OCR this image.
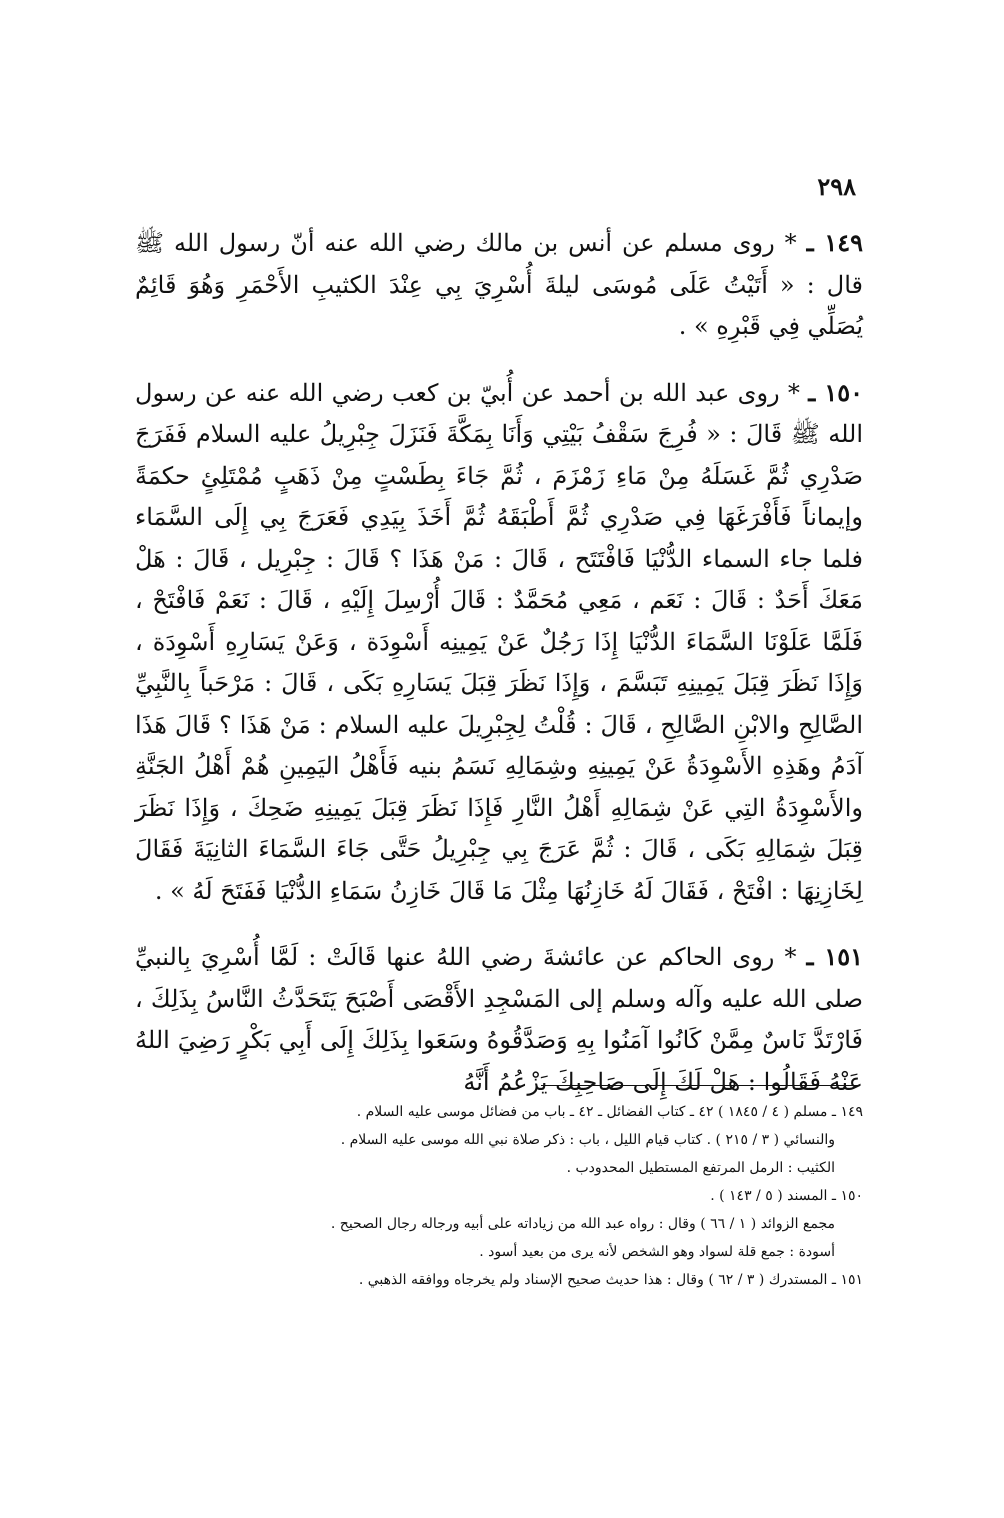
٢٩٨

١٤٩ ـ * روى مسلم عن أنس بن مالك رضي الله عنه أنّ رسول الله ﷺ قال : « أَتَيْتُ عَلَى مُوسَى ليلةَ أُسْرِيَ بِي عِنْدَ الكثيبِ الأَحْمَرِ وَهُوَ قَائِمٌ يُصَلِّي فِي قَبْرِهِ » .

١٥٠ ـ * روى عبد الله بن أحمد عن أُبيّ بن كعب رضي الله عنه عن رسول الله ﷺ قَالَ : « فُرِجَ سَقْفُ بَيْتِي وَأَنَا بِمَكَّةَ فَنَزَلَ جِبْرِيلُ عليه السلام فَفَرَجَ صَدْرِي ثُمَّ غَسَلَهُ مِنْ مَاءِ زَمْزَمَ ، ثُمَّ جَاءَ بِطَسْتٍ مِنْ ذَهَبٍ مُمْتَلِئٍ حكمَةً وإيماناً فَأَفْرَغَهَا فِي صَدْرِي ثُمَّ أَطْبَقَهُ ثُمَّ أَخَذَ بِيَدِي فَعَرَجَ بِي إِلَى السَّمَاء فلما جاء السماء الدُّنْيَا فَافْتَتَح ، قَالَ : مَنْ هَذَا ؟ قَالَ : جِبْرِيل ، قَالَ : هَلْ مَعَكَ أَحَدٌ : قَالَ : نَعَم ، مَعِي مُحَمَّدٌ : قَالَ أُرْسِلَ إِلَيْهِ ، قَالَ : نَعَمْ فَافْتَحْ ، فَلَمَّا عَلَوْنَا السَّمَاءَ الدُّنْيَا إِذَا رَجُلٌ عَنْ يَمِينِه أَسْوِدَة ، وَعَنْ يَسَارِهِ أَسْوِدَة ، وَإِذَا نَظَرَ قِبَلَ يَمِينِهِ تَبَسَّمَ ، وَإِذَا نَظَرَ قِبَلَ يَسَارِهِ بَكَى ، قَالَ : مَرْحَباً بِالنَّبِيِّ الصَّالِحِ والابْنِ الصَّالِحِ ، قَالَ : قُلْتُ لِجِبْرِيلَ عليه السلام : مَنْ هَذَا ؟ قَالَ هَذَا آدَمُ وهَذِهِ الأَسْوِدَةُ عَنْ يَمِينِهِ وشِمَالِهِ نَسَمُ بنيه فَأَهْلُ اليَمِينِ هُمْ أَهْلُ الجَنَّةِ والأَسْوِدَةُ التِي عَنْ شِمَالِهِ أَهْلُ النَّارِ فَإِذَا نَظَرَ قِبَلَ يَمِينِهِ ضَحِكَ ، وَإِذَا نَظَرَ قِبَلَ شِمَالِهِ بَكَى ، قَالَ : ثُمَّ عَرَجَ بِي جِبْرِيلُ حَتَّى جَاءَ السَّمَاءَ الثانِيَةَ فَقَالَ لِخَازِنِهَا : افْتَحْ ، فَقَالَ لَهُ خَازِنُهَا مِثْلَ مَا قَالَ خَازِنُ سَمَاءِ الدُّنْيَا فَفَتَحَ لَهُ » .

١٥١ ـ * روى الحاكم عن عائشةَ رضي اللهُ عنها قَالَتْ : لَمَّا أُسْرِيَ بِالنبيِّ صلى الله عليه وآله وسلم إلى المَسْجِدِ الأَقْصَى أَصْبَحَ يَتَحَدَّثُ النَّاسُ بِذَلِكَ ، فَارْتَدَّ نَاسٌ مِمَّنْ كَانُوا آمَنُوا بِهِ وَصَدَّقُوهُ وسَعَوا بِذَلِكَ إِلَى أَبِي بَكْرٍ رَضِيَ اللهُ عَنْهُ فَقَالُوا : هَلْ لَكَ إِلَى صَاحِبِكَ يَزْعُمُ أَنَّهُ

١٤٩ ـ مسلم ( ٤ / ١٨٤٥ ) ٤٢ ـ كتاب الفضائل ـ ٤٢ ـ باب من فضائل موسى عليه السلام .

والنسائي ( ٣ / ٢١٥ ) . كتاب قيام الليل ، باب : ذكر صلاة نبي الله موسى عليه السلام .

الكثيب : الرمل المرتفع المستطيل المحدودب .

١٥٠ ـ المسند ( ٥ / ١٤٣ ) .

مجمع الزوائد ( ١ / ٦٦ ) وقال : رواه عبد الله من زياداته على أبيه ورجاله رجال الصحيح .

أسودة : جمع قلة لسواد وهو الشخص لأنه يرى من بعيد أسود .

١٥١ ـ المستدرك ( ٣ / ٦٢ ) وقال : هذا حديث صحيح الإسناد ولم يخرجاه ووافقه الذهبي .
